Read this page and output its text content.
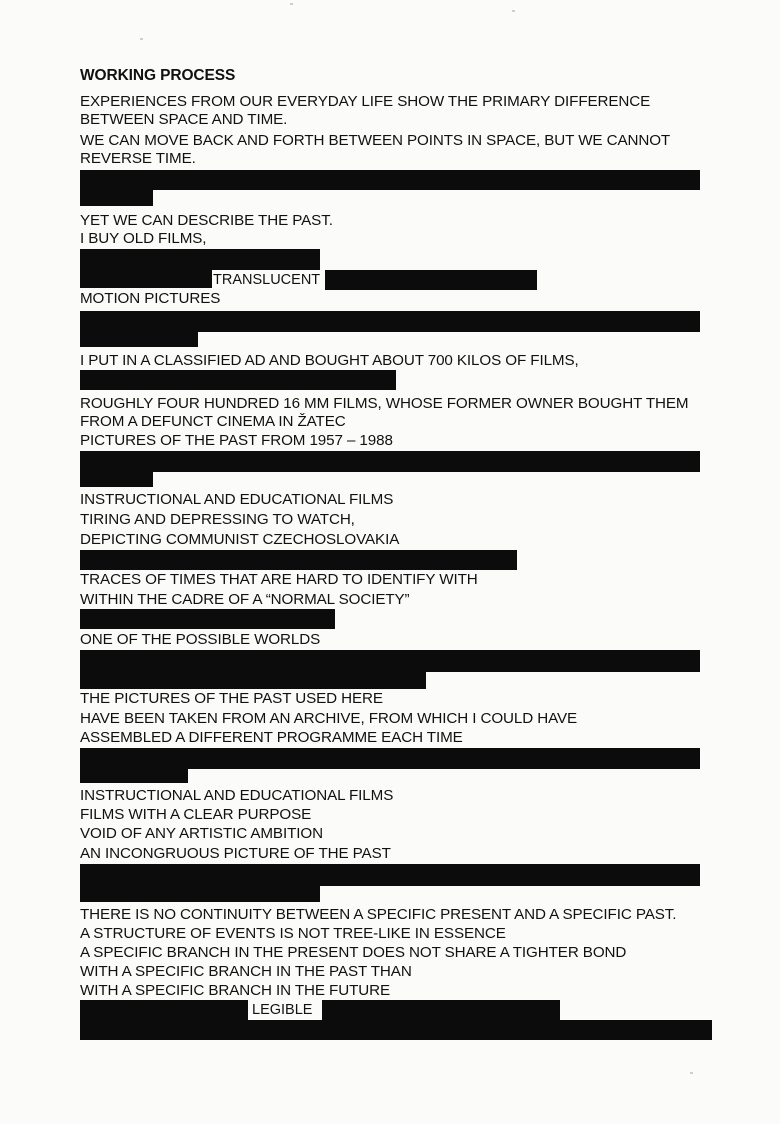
WORKING PROCESS
EXPERIENCES FROM OUR EVERYDAY LIFE SHOW THE PRIMARY DIFFERENCE
BETWEEN SPACE AND TIME.
WE CAN MOVE BACK AND FORTH BETWEEN POINTS IN SPACE, BUT WE CANNOT
REVERSE TIME.
YET WE CAN DESCRIBE THE PAST.
I BUY OLD FILMS,
TRANSLUCENT
MOTION PICTURES
I PUT IN A CLASSIFIED AD AND BOUGHT ABOUT 700 KILOS OF FILMS,
ROUGHLY FOUR HUNDRED 16 MM FILMS, WHOSE FORMER OWNER BOUGHT THEM
FROM A DEFUNCT CINEMA IN ŽATEC
PICTURES OF THE PAST FROM 1957 – 1988
INSTRUCTIONAL AND EDUCATIONAL FILMS
TIRING AND DEPRESSING TO WATCH,
DEPICTING COMMUNIST CZECHOSLOVAKIA
TRACES OF TIMES THAT ARE HARD TO IDENTIFY WITH
WITHIN THE CADRE OF A “NORMAL SOCIETY”
ONE OF THE POSSIBLE WORLDS
THE PICTURES OF THE PAST USED HERE
HAVE BEEN TAKEN FROM AN ARCHIVE, FROM WHICH I COULD HAVE
ASSEMBLED A DIFFERENT PROGRAMME EACH TIME
INSTRUCTIONAL AND EDUCATIONAL FILMS
FILMS WITH A CLEAR PURPOSE
VOID OF ANY ARTISTIC AMBITION
AN INCONGRUOUS PICTURE OF THE PAST
THERE IS NO CONTINUITY BETWEEN A SPECIFIC PRESENT AND A SPECIFIC PAST.
A STRUCTURE OF EVENTS IS NOT TREE-LIKE IN ESSENCE
A SPECIFIC BRANCH IN THE PRESENT DOES NOT SHARE A TIGHTER BOND
WITH A SPECIFIC BRANCH IN THE PAST THAN
WITH A SPECIFIC BRANCH IN THE FUTURE
LEGIBLE
